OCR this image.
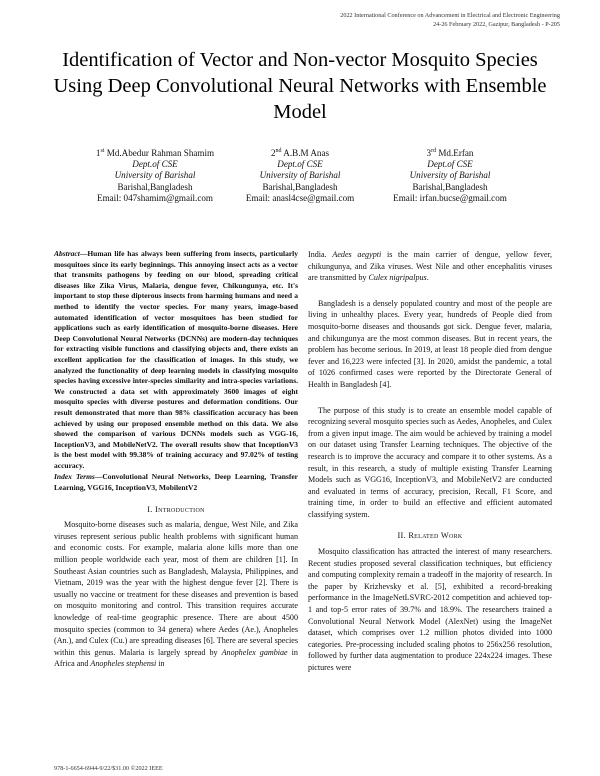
2022 International Conference on Advancement in Electrical and Electronic Engineering
24-26 February 2022, Gazipur, Bangladesh - P-205
Identification of Vector and Non-vector Mosquito Species Using Deep Convolutional Neural Networks with Ensemble Model
1st Md.Abedur Rahman Shamim
Dept.of CSE
University of Barishal
Barishal,Bangladesh
Email: 047shamim@gmail.com
2nd A.B.M Anas
Dept.of CSE
University of Barishal
Barishal,Bangladesh
Email: anasl4cse@gmail.com
3rd Md.Erfan
Dept.of CSE
University of Barishal
Barishal,Bangladesh
Email: irfan.bucse@gmail.com

Abstract—Human life has always been suffering from insects, particularly mosquitoes since its early beginnings. This annoying insect acts as a vector that transmits pathogens by feeding on our blood, spreading critical diseases like Zika Virus, Malaria, dengue fever, Chikungunya, etc. It's important to stop these dipterous insects from harming humans and need a method to identify the vector species. For many years, image-based automated identification of vector mosquitoes has been studied for applications such as early identification of mosquito-borne diseases. Here Deep Convolutional Neural Networks (DCNNs) are modern-day techniques for extracting visible functions and classifying objects and, there exists an excellent application for the classification of images. In this study, we analyzed the functionality of deep learning models in classifying mosquito species having excessive inter-species similarity and intra-species variations. We constructed a data set with approximately 3600 images of eight mosquito species with diverse postures and deformation conditions. Our result demonstrated that more than 98% classification accuracy has been achieved by using our proposed ensemble method on this data. We also showed the comparison of various DCNNs models such as VGG-16, InceptionV3, and MobileNetV2. The overall results show that InceptionV3 is the best model with 99.38% of training accuracy and 97.02% of testing accuracy.

Index Terms—Convolutional Neural Networks, Deep Learning, Transfer Learning, VGG16, InceptionV3, MobilentV2

I. Introduction

Mosquito-borne diseases such as malaria, dengue, West Nile, and Zika viruses represent serious public health problems with significant human and economic costs. For example, malaria alone kills more than one million people worldwide each year, most of them are children [1]. In Southeast Asian countries such as Bangladesh, Malaysia, Philippines, and Vietnam, 2019 was the year with the highest dengue fever [2]. There is usually no vaccine or treatment for these diseases and prevention is based on mosquito monitoring and control. This transition requires accurate knowledge of real-time geographic presence. There are about 4500 mosquito species (common to 34 genera) where Aedes (Ae.), Anopheles (An.), and Culex (Cu.) are spreading diseases [6]. There are several species within this genus. Malaria is largely spread by Anophelex gambiae in Africa and Anopheles stephensi in

India. Aedes aegypti is the main carrier of dengue, yellow fever, chikungunya, and Zika viruses. West Nile and other encephalitis viruses are transmitted by Culex nigripalpus.

Bangladesh is a densely populated country and most of the people are living in unhealthy places. Every year, hundreds of People died from mosquito-borne diseases and thousands got sick. Dengue fever, malaria, and chikungunya are the most common diseases. But in recent years, the problem has become serious. In 2019, at least 18 people died from dengue fever and 16,223 were infected [3]. In 2020, amidst the pandemic, a total of 1026 confirmed cases were reported by the Directorate General of Health in Bangladesh [4].

The purpose of this study is to create an ensemble model capable of recognizing several mosquito species such as Aedes, Anopheles, and Culex from a given input image. The aim would be achieved by training a model on our dataset using Transfer Learning techniques. The objective of the research is to improve the accuracy and compare it to other systems. As a result, in this research, a study of multiple existing Transfer Learning Models such as VGG16, InceptionV3, and MobileNetV2 are conducted and evaluated in terms of accuracy, precision, Recall, F1 Score, and training time, in order to build an effective and efficient automated classifying system.

II. Related Work

Mosquito classification has attracted the interest of many researchers. Recent studies proposed several classification techniques, but efficiency and computing complexity remain a tradeoff in the majority of research. In the paper by Krizhevsky et al. [5], exhibited a record-breaking performance in the ImageNetLSVRC-2012 competition and achieved top-1 and top-5 error rates of 39.7% and 18.9%. The researchers trained a Convolutional Neural Network Model (AlexNet) using the ImageNet dataset, which comprises over 1.2 million photos divided into 1000 categories. Pre-processing included scaling photos to 256x256 resolution, followed by further data augmentation to produce 224x224 images. These pictures were

978-1-6654-6944-9/22/$31.00 ©2022 IEEE
